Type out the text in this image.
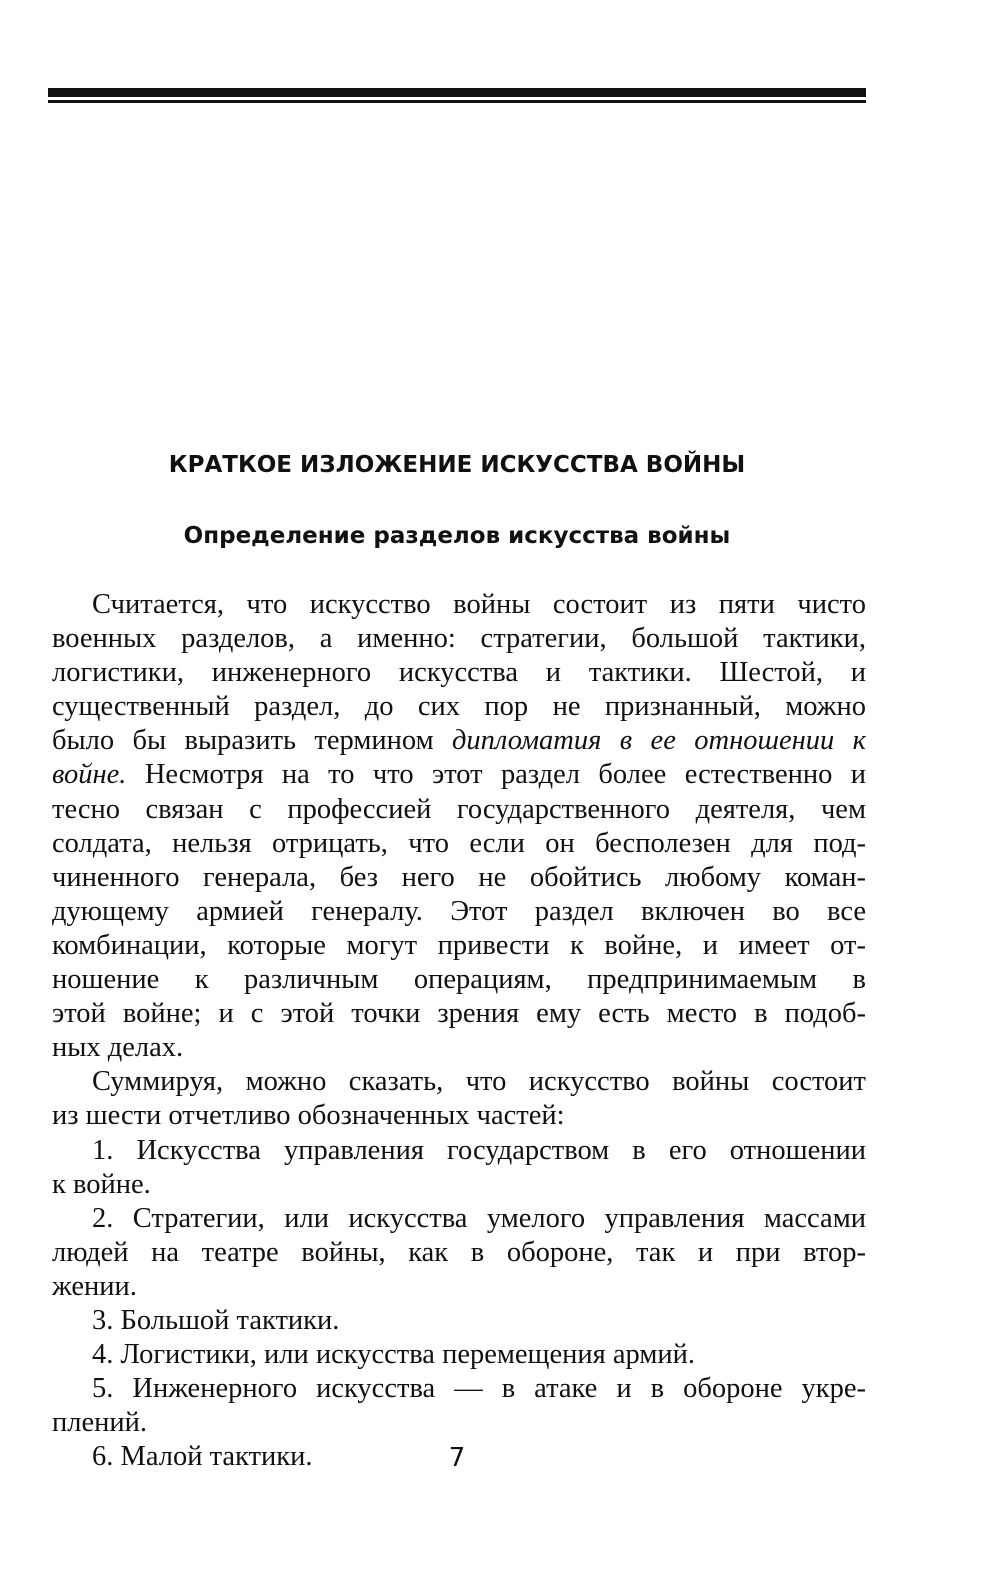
КРАТКОЕ ИЗЛОЖЕНИЕ ИСКУССТВА ВОЙНЫ
Определение разделов искусства войны
Считается, что искусство войны состоит из пяти чисто
военных разделов, а именно: стратегии, большой тактики,
логистики, инженерного искусства и тактики. Шестой, и
существенный раздел, до сих пор не признанный, можно
было бы выразить термином дипломатия в ее отношении к
войне. Несмотря на то что этот раздел более естественно и
тесно связан с профессией государственного деятеля, чем
солдата, нельзя отрицать, что если он бесполезен для под-
чиненного генерала, без него не обойтись любому коман-
дующему армией генералу. Этот раздел включен во все
комбинации, которые могут привести к войне, и имеет от-
ношение к различным операциям, предпринимаемым в
этой войне; и с этой точки зрения ему есть место в подоб-
ных делах.
Суммируя, можно сказать, что искусство войны состоит
из шести отчетливо обозначенных частей:
1. Искусства управления государством в его отношении
к войне.
2. Стратегии, или искусства умелого управления массами
людей на театре войны, как в обороне, так и при втор-
жении.
3. Большой тактики.
4. Логистики, или искусства перемещения армий.
5. Инженерного искусства — в атаке и в обороне укре-
плений.
6. Малой тактики.	7
